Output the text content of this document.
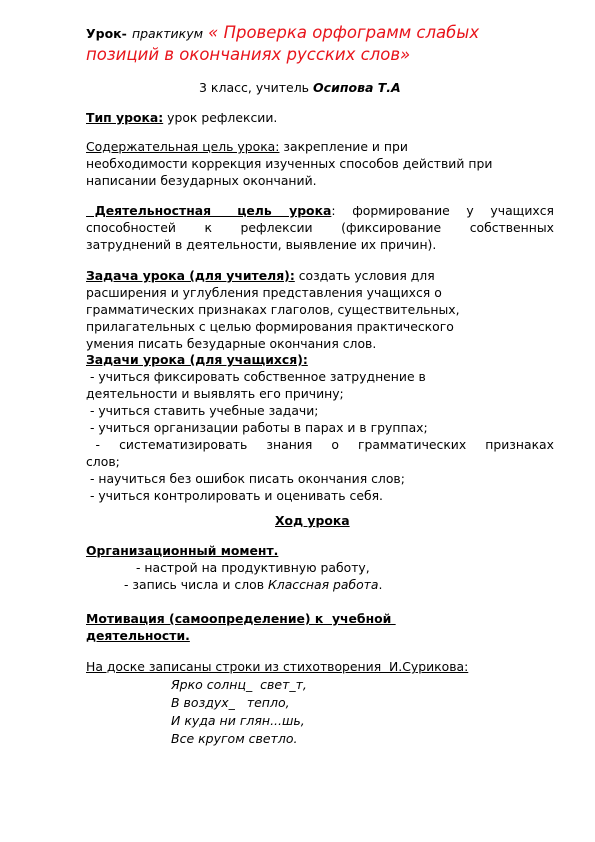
Урок- практикум « Проверка орфограмм слабых
позиций в окончаниях русских слов»
3 класс, учитель Осипова Т.А
Тип урока: урок рефлексии.
Содержательная цель урока: закрепление и при
необходимости коррекция изученных способов действий при
написании безударных окончаний.
Деятельностная   цель  урока:  формирование  у  учащихся
способностей    к    рефлексии    (фиксирование    собственных
затруднений в деятельности, выявление их причин).
Задача урока (для учителя): создать условия для
расширения и углубления представления учащихся о
грамматических признаках глаголов, существительных,
прилагательных с целью формирования практического
умения писать безударные окончания слов.
Задачи урока (для учащихся):
- учиться фиксировать собственное затруднение в
деятельности и выявлять его причину;
- учиться ставить учебные задачи;
- учиться организации работы в парах и в группах;
-  систематизировать  знания  о  грамматических  признаках
слов;
- научиться без ошибок писать окончания слов;
- учиться контролировать и оценивать себя.
Ход урока
Организационный момент.
- настрой на продуктивную работу,
- запись числа и слов Классная работа.
Мотивация (самоопределение) к  учебной
деятельности.
На доске записаны строки из стихотворения  И.Сурикова:
Ярко солнц_  свет_т,
В воздух_   тепло,
И куда ни глян...шь,
Все кругом светло.
